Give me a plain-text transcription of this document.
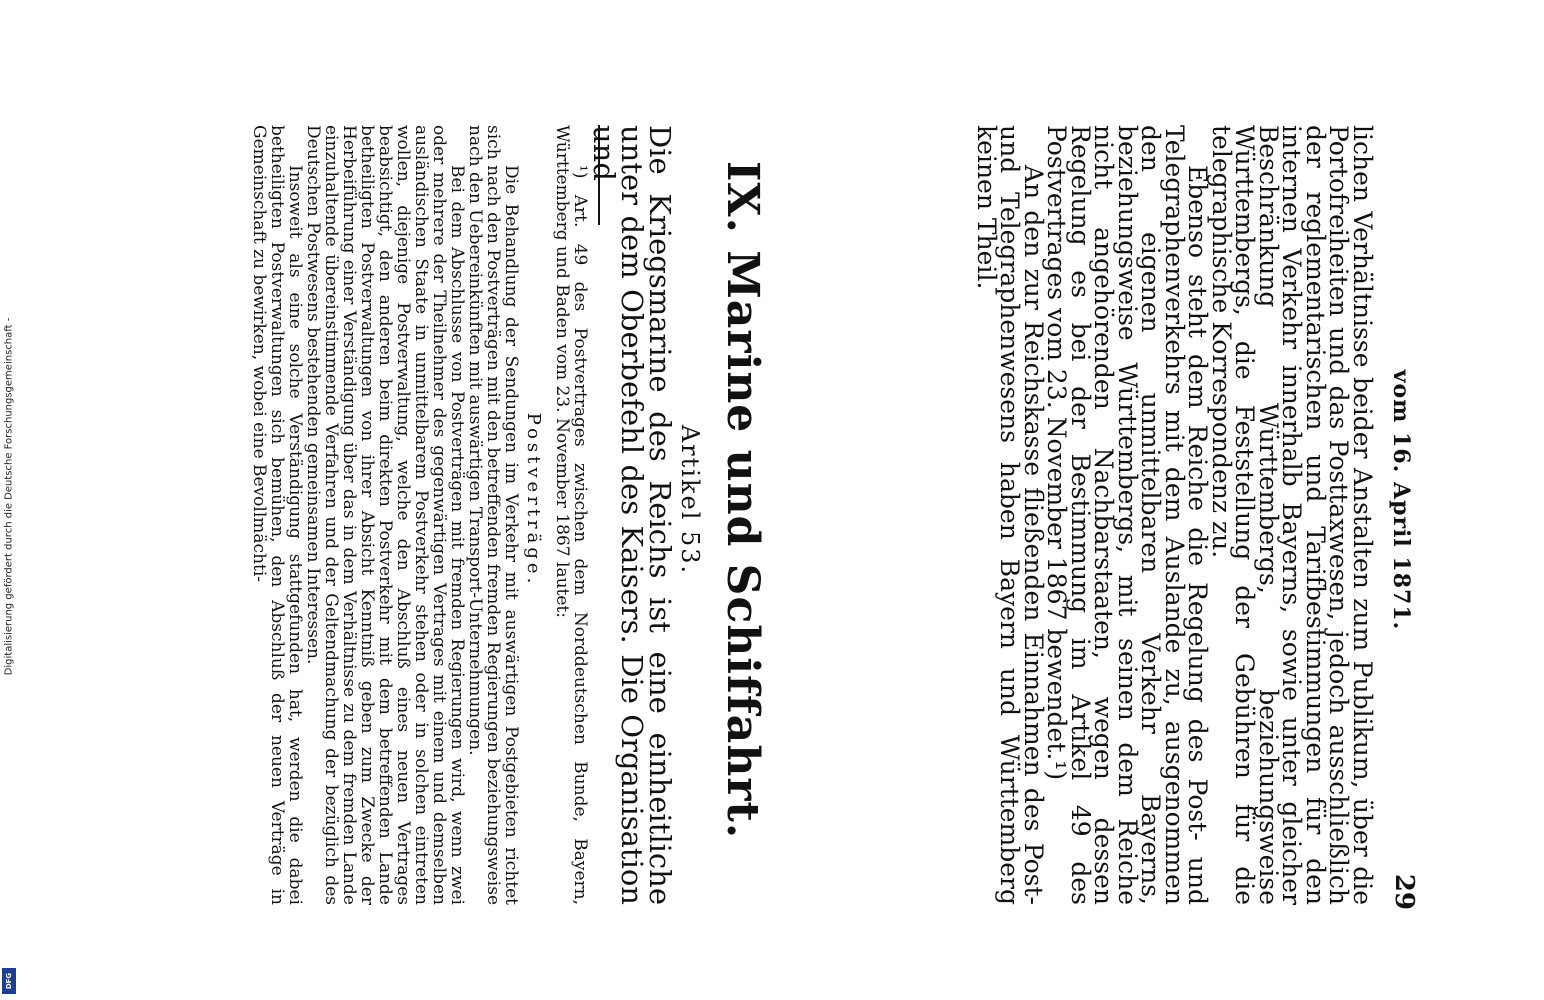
29
vom 16. April 1871.

lichen Verhältnisse beider Anstalten zum Publikum, über die Portofreiheiten und das Posttaxwesen, jedoch ausschließlich der reglementarischen und Tarifbestimmungen für den internen Verkehr innerhalb Bayerns, sowie unter gleicher Beschränkung Württembergs, beziehungsweise Württembergs, die Feststellung der Gebühren für die telegraphische Korrespondenz zu.

Ebenso steht dem Reiche die Regelung des Post- und Telegraphenverkehrs mit dem Auslande zu, ausgenommen den eigenen unmittelbaren Verkehr Bayerns, beziehungsweise Württembergs, mit seinen dem Reiche nicht angehörenden Nachbarstaaten, wegen dessen Regelung es bei der Bestimmung im Artikel 49 des Postvertrages vom 23. November 1867 bewendet.¹)

An den zur Reichskasse fließenden Einnahmen des Post- und Telegraphenwesens haben Bayern und Württemberg keinen Theil.

IX. Marine und Schiffahrt.
Artikel 53.
Die Kriegsmarine des Reichs ist eine einheitliche unter dem Oberbefehl des Kaisers. Die Organisation und
¹) Art. 49 des Postvertrages zwischen dem Norddeutschen Bunde, Bayern, Württemberg und Baden vom 23. November 1867 lautet:
Postverträge.

Die Behandlung der Sendungen im Verkehr mit auswärtigen Postgebieten richtet sich nach den Postverträgen mit den betreffenden fremden Regierungen beziehungsweise nach den Uebereinkünften mit auswärtigen Transport-Unternehmungen.

Bei dem Abschlusse von Postverträgen mit fremden Regierungen wird, wenn zwei oder mehrere der Theilnehmer des gegenwärtigen Vertrages mit einem und demselben ausländischen Staate in unmittelbarem Postverkehr stehen oder in solchen eintreten wollen, diejenige Postverwaltung, welche den Abschluß eines neuen Vertrages beabsichtigt, den anderen beim direkten Postverkehr mit dem betreffenden Lande betheiligten Postverwaltungen von ihrer Absicht Kenntniß geben zum Zwecke der Herbeiführung einer Verständigung über das in dem Verhältnisse zu dem fremden Lande einzuhaltende übereinstimmende Verfahren und der Geltendmachung der bezüglich des Deutschen Postwesens bestehenden gemeinsamen Interessen.

Insoweit als eine solche Verständigung stattgefunden hat, werden die dabei betheiligten Postverwaltungen sich bemühen, den Abschluß der neuen Verträge in Gemeinschaft zu bewirken, wobei eine Bevollmächti-

Digitalisierung gefördert durch die Deutsche Forschungsgemeinschaft -
DFG
